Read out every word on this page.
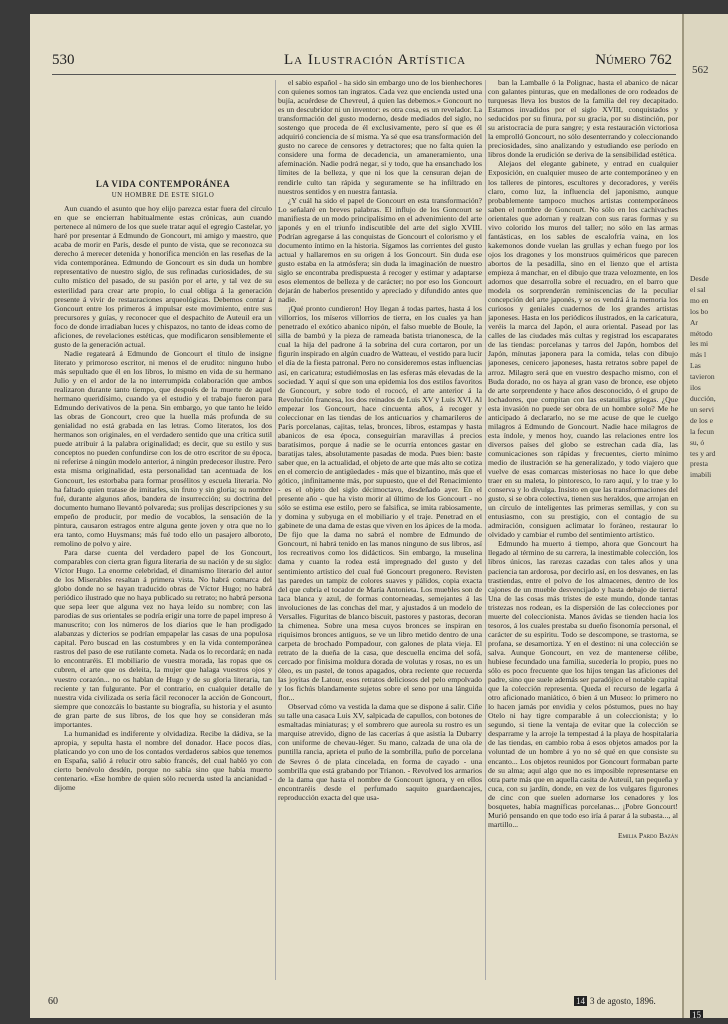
562
Desde
el sal
mo en
los bo
Ar
método
les mi
más l
Las
tavieron
ilos
ducción,
un servi
de los e
la fecun
su, ó
tes y ard
presta
imabili
15
530	La Ilustración Artística	Número 762
LA VIDA CONTEMPORÁNEA
UN HOMBRE DE ESTE SIGLO

Aun cuando el asunto que hoy elijo parezca estar fuera del círculo en que se encierran habitualmente estas crónicas, aun cuando pertenece al número de los que suele tratar aquí el egregio Castelar, yo haré por presentar á Edmundo de Goncourt, mi amigo y maestro, que acaba de morir en París, desde el punto de vista, que se reconozca su derecho á merecer detenida y honorífica mención en las reseñas de la vida contemporánea. Edmundo de Goncourt es sin duda un hombre representativo de nuestro siglo, de sus refinadas curiosidades, de su culto místico del pasado, de su pasión por el arte, y tal vez de su esterilidad para crear arte propio, lo cual obliga á la generación presente á vivir de restauraciones arqueológicas. Debemos contar á Goncourt entre los primeros á impulsar este movimiento, entre sus precursores y guías, y reconocer que el despachito de Auteuil era un foco de donde irradiaban luces y chispazos, no tanto de ideas como de aficiones, de revelaciones estéticas, que modificaron sensiblemente el gusto de la generación actual.

Nadie regateará á Edmundo de Goncourt el título de insigne literato y primoroso escritor, ni menos el de erudito: ninguno hubo más sepultado que él en los libros, lo mismo en vida de su hermano Julio y en el ardor de la no interrumpida colaboración que ambos realizaron durante tanto tiempo, que después de la muerte de aquel hermano queridísimo, cuando ya el estudio y el trabajo fueron para Edmundo derivativos de la pena. Sin embargo, yo que tanto he leído las obras de Goncourt, creo que la huella más profunda de su genialidad no está grabada en las letras. Como literatos, los dos hermanos son originales, en el verdadero sentido que una crítica sutil puede atribuir á la palabra originalidad; es decir, que su estilo y sus conceptos no pueden confundirse con los de otro escritor de su época, ni referirse á ningún modelo anterior, á ningún predecesor ilustre. Pero esta misma originalidad, esta personalidad tan acentuada de los Goncourt, les estorbaba para formar prosélitos y escuela literaria. No ha faltado quien tratase de imitarles, sin fruto y sin gloria; su nombre fué, durante algunos años, bandera de insurrección; su doctrina del documento humano llevantó polvareda; sus prolijas descripciones y su empeño de producir, por medio de vocablos, la sensación de la pintura, causaron estragos entre alguna gente joven y otra que no lo era tanto, como Huysmans; más fué todo ello un pasajero alboroto, remolino de polvo y aire.

Para darse cuenta del verdadero papel de los Goncourt, comparables con cierta gran figura literaria de su nación y de su siglo: Víctor Hugo. La enorme celebridad, el dinamismo literario del autor de los Miserables resaltan á primera vista. No habrá comarca del globo donde no se hayan traducido obras de Víctor Hugo; no habrá periódico ilustrado que no haya publicado su retrato; no habrá persona que sepa leer que alguna vez no haya leído su nombre; con las parodias de sus orientales se podría erigir una torre de papel impreso á manuscrito; con los números de los diarios que le han prodigado alabanzas y dicterios se podrían empapelar las casas de una populosa capital. Pero buscad en las costumbres y en la vida contemporánea rastros del paso de ese rutilante cometa. Nada os lo recordará; en nada lo encontraréis. El mobiliario de vuestra morada, las ropas que os cubren, el arte que os deleita, la mujer que halaga vuestros ojos y vuestro corazón... no os hablan de Hugo y de su gloria literaria, tan reciente y tan fulgurante. Por el contrario, en cualquier detalle de nuestra vida civilizada os sería fácil reconocer la acción de Goncourt, siempre que conozcáis lo bastante su biografía, su historia y el asunto de gran parte de sus libros, de los que hoy se consideran más importantes.

La humanidad es indiferente y olvidadiza. Recibe la dádiva, se la apropia, y sepulta hasta el nombre del donador. Hace pocos días, platicando yo con uno de los contados verdaderos sabios que tenemos en España, salió á relucir otro sabio francés, del cual habló yo con cierto benévolo desdén, porque no sabía sino que había muerto centenario. «Ese hombre de quien sólo recuerda usted la ancianidad - dijome

el sabio español - ha sido sin embargo uno de los bienhechores con quienes somos tan ingratos. Cada vez que encienda usted una bujía, acuérdese de Chevreul, á quien las debemos.» Goncourt no es un descubridor ni un inventor: es otra cosa, es un revelador. La transformación del gusto moderno, desde mediados del siglo, no sostengo que proceda de él exclusivamente, pero sí que es él adquirió conciencia de sí misma. Ya sé que esa transformación del gusto no carece de censores y detractores; que no falta quien la considere una forma de decadencia, un amaneramiento, una afeminación. Nadie podrá negar, sí y todo, que ha ensanchado los límites de la belleza, y que ni los que la censuran dejan de rendirle culto tan rápida y seguramente se ha infiltrado en nuestros sentidos y en nuestra fantasía.

¿Y cuál ha sido el papel de Goncourt en esta transformación? Lo señalaré en breves palabras. El influjo de los Goncourt se manifiesta de un modo principalísimo en el advenimiento del arte japonés y en el triunfo indiscutible del arte del siglo XVIII. Podrían agregarse á las conquistas de Goncourt el colorismo y el documento íntimo en la historia. Sígamos las corrientes del gusto actual y hallaremos en su origen á los Goncourt. Sin duda ese gusto estaba en la atmósfera; sin duda la imaginación de nuestro siglo se encontraba predispuesta á recoger y estimar y adaptarse esos elementos de belleza y de carácter; no por eso los Goncourt dejarán de haberlos presentido y apreciado y difundido antes que nadie.

¡Qué pronto cundieron! Hoy llegan á todas partes, hasta á los villorrios, los míseros villorrios de tierra, en los cuales ya han penetrado el exótico abanico nipón, el falso mueble de Boule, la silla de bambú y la pieza de rameada batista trianonesca, de la cual la hija del padrone á la sobrina del cura cortaron, por un figurín inspirado en algún cuadro de Watteau, el vestido para lucir el día de la fiesta patronal. Pero no consideremos estas influencias así, en caricatura; estudiémoslas en las esferas más elevadas de la sociedad. Y aquí sí que son una epidemia los dos estilos favoritos de Goncourt, y sobre todo el rococó, el arte anterior á la Revolución francesa, los dos reinados de Luis XV y Luis XVI. Al empezar los Goncourt, hace cincuenta años, á recoger y coleccionar en las tiendas de los anticuarios y chamarileros de París porcelanas, cajitas, telas, bronces, libros, estampas y hasta abanicos de esa época, conseguirían maravillas á precios baratísimos, porque á nadie se le ocurría entonces gastar en baratijas tales, absolutamente pasadas de moda. Pues bien: baste saber que, en la actualidad, el objeto de arte que más alto se cotiza en el comercio de antigüedades - más que el bizantino, más que el gótico, ¡infinitamente más, por supuesto, que el del Renacimiento - es el objeto del siglo décimoctavo, desdeñado ayer. En el presente año - que ha visto morir al último de los Goncourt - no sólo se estima ese estilo, pero se falsifica, se imita rabiosamente, y domina y subyuga en el mobiliario y el traje. Penetrad en el gabinete de una dama de estas que viven en los ápices de la moda. De fijo que la dama no sabrá el nombre de Edmundo de Goncourt, ni habrá tenido en las manos ninguno de sus libros, así los recreativos como los didácticos. Sin embargo, la muselina dama y cuanto la rodea está impregnado del gusto y del sentimiento artístico del cual fué Goncourt pregonero. Revisten las paredes un tampiz de colores suaves y pálidos, copia exacta del que cubría el tocador de María Antonieta. Los muebles son de laca blanca y azul, de formas contorneadas, semejantes á las involuciones de las conchas del mar, y ajustados á un modelo de Versalles. Figuritas de blanco biscuit, pastores y pastoras, decoran la chimenea. Sobre una mesa cuyos bronces se inspiran en riquísimos bronces antiguos, se ve un libro metido dentro de una carpeta de brochado Pompadour, con galones de plata vieja. El retrato de la dueña de la casa, que descuella encima del sofá, cercado por finísima moldura dorada de volutas y rosas, no es un óleo, es un pastel, de tonos apagados, obra reciente que recuerda las joyitas de Latour, esos retratos deliciosos del pelo empolvado y los fichús blandamente sujetos sobre el seno por una lánguida flor...

Observad cómo va vestida la dama que se dispone á salir. Ciñe su talle una casaca Luis XV, salpicada de capullos, con botones de esmaltadas miniaturas; y el sombrero que aureola su rostro es un marquise atrevido, digno de las cacerías á que asistía la Dubarry con uniforme de chevau-léger. Su mano, calzada de una ola de puntilla rancia, aprieta el puño de la sombrilla, puño de porcelana de Sevres ó de plata cincelada, en forma de cayado - una sombrilla que está grabando por Trianon. - Revolved los armarios de la dama que hasta el nombre de Goncourt ignora, y en ellos encontraréis desde el perfumado saquito guardaencajes, reproducción exacta del que usa-

ban la Lamballe ó la Polignac, hasta el abanico de nácar con galantes pinturas, que en medallones de oro rodeados de turquesas lleva los bustos de la familia del rey decapitado. Estamos invadidos por el siglo XVIII, conquistados y seducidos por su finura, por su gracia, por su distinción, por su aristocracia de pura sangre; y esta restauración victoriosa la emprolló Goncourt, no sólo desenterrando y coleccionando preciosidades, sino analizando y estudiando ese período en libros donde la erudición se deriva de la sensibilidad estética.

Alejaos del elegante gabinete, y entrad en cualquier Exposición, en cualquier museo de arte contemporáneo y en los talleres de pintores, escultores y decoradores, y veréis claro, como luz, la influencia del japonismo, aunque probablemente tampoco muchos artistas contemporáneos saben el nombre de Goncourt. No sólo en los cachivaches orientales que adornan y realzan con sus raras formas y su vivo colorido los muros del taller; no sólo en las armas fantásticas, en los sables de escalofría vaina, en los kakemonos donde vuelan las grullas y echan fuego por los ojos los dragones y los monstruos quiméricos que parecen abortos de la pesadilla, sino en el lienzo que el artista empieza á manchar, en el dibujo que traza velozmente, en los adornos que desarrolla sobre el recuadro, en el barro que modela os sorprenderán reminiscencias de la peculiar concepción del arte japonés, y se os vendrá á la memoria los curiosos y geniales cuadernos de los grandes artistas japoneses. Hasta en los periódicos ilustrados, en la caricatura, veréis la marca del Japón, el aura oriental. Pasead por las calles de las ciudades más cultas y registrad los escaparates de las tiendas: porcelanas y tarros del Japón, hombos del Japón, mínutas japonera para la comida, telas con dibujo japoneses, cenicero japoneses, hasta retratos sobre papel de arroz. Milagro será que en vuestro despacho mismo, con el Buda dorado, no os haya al gran vaso de bronce, ese objeto de arte sorprendente y hace años desconocido, ó el grupo de lochadores, que compitan con las estatuillas griegas. ¿Que esta invasión no puede ser obra de un hombre solo? Me he anticipado á declararlo, no se me acuse de que le cuelgo milagros á Edmundo de Goncourt. Nadie hace milagros de esta índole, y menos hoy, cuando las relaciones entre los diversos países del globo se estrechan cada día, las comunicaciones son rápidas y frecuentes, cierto mínimo medio de ilustración se ha generalizado, y todo viajero que vuelve de esas comarcas misteriosas no hace lo que debe traer en su maleta, lo pintoresco, lo raro aquí, y lo trae y lo conserva y lo divulga. Insisto en que las transformaciones del gusto, si se obra colectiva, tienen sus heraldos, que arrojan en un círculo de inteligentes las primeras semillas, y con su entusiasmo, con su prestigio, con el contagio de su admiración, consiguen aclimatar lo foráneo, restaurar lo olvidado y cambiar el rumbo del sentimiento artístico.

Edmundo ha muerto á tiempo, ahora que Goncourt ha llegado al término de su carrera, la inestimable colección, los libros únicos, las rarezas cazadas con tales años y una paciencia tan ardorosa, por decirlo así, en los desvanes, en las trastiendas, entre el polvo de los almacenes, dentro de los cajones de un mueble desvencijado y hasta debajo de tierra! Una de las cosas más tristes de este mundo, donde tantas tristezas nos rodean, es la dispersión de las colecciones por muerte del coleccionista. Manos ávidas se tienden hacia los tesoros, á los cuales prestaba su dueño fisonomía personal, el carácter de su espíritu. Todo se descompone, se trastorna, se profana, se desamortiza. Y en el destino: ni una colección se salva. Aunque Goncourt, en vez de mantenerse célibe, hubiese fecundado una familia, sucedería lo propio, pues no sólo es poco frecuente que los hijos tengan las aficiones del padre, sino que suele además ser paradójico el notable capital que la colección representa. Queda el recurso de legarla á otro aficionado maniático, ó bien á un Museo: lo primero no lo hacen jamás por envidia y celos póstumos, pues no hay Otelo ni hay tigre comparable á un coleccionista; y lo segundo, si tiene la ventaja de evitar que la colección se desparrame y la arroje la tempestad á la playa de hospitalaria de las tiendas, en cambio roba á esos objetos amados por la voluntad de un hombre á yo no sé qué en que consiste su encanto... Los objetos reunidos por Goncourt formaban parte de su alma; aquí algo que no es imposible representarse en otra parte más que en aquella casita de Auteuil, tan pequeña y cuca, con su jardín, donde, en vez de los vulgares figurones de cinc con que suelen adornarse los cenadores y los bosquetes, había magníficas porcelanas... ¡Pobre Goncourt! Murió pensando en que todo eso iría á parar á la subasta..., al martillo...

Emilia Pardo Bazán
60	14 3 de agosto, 1896.
